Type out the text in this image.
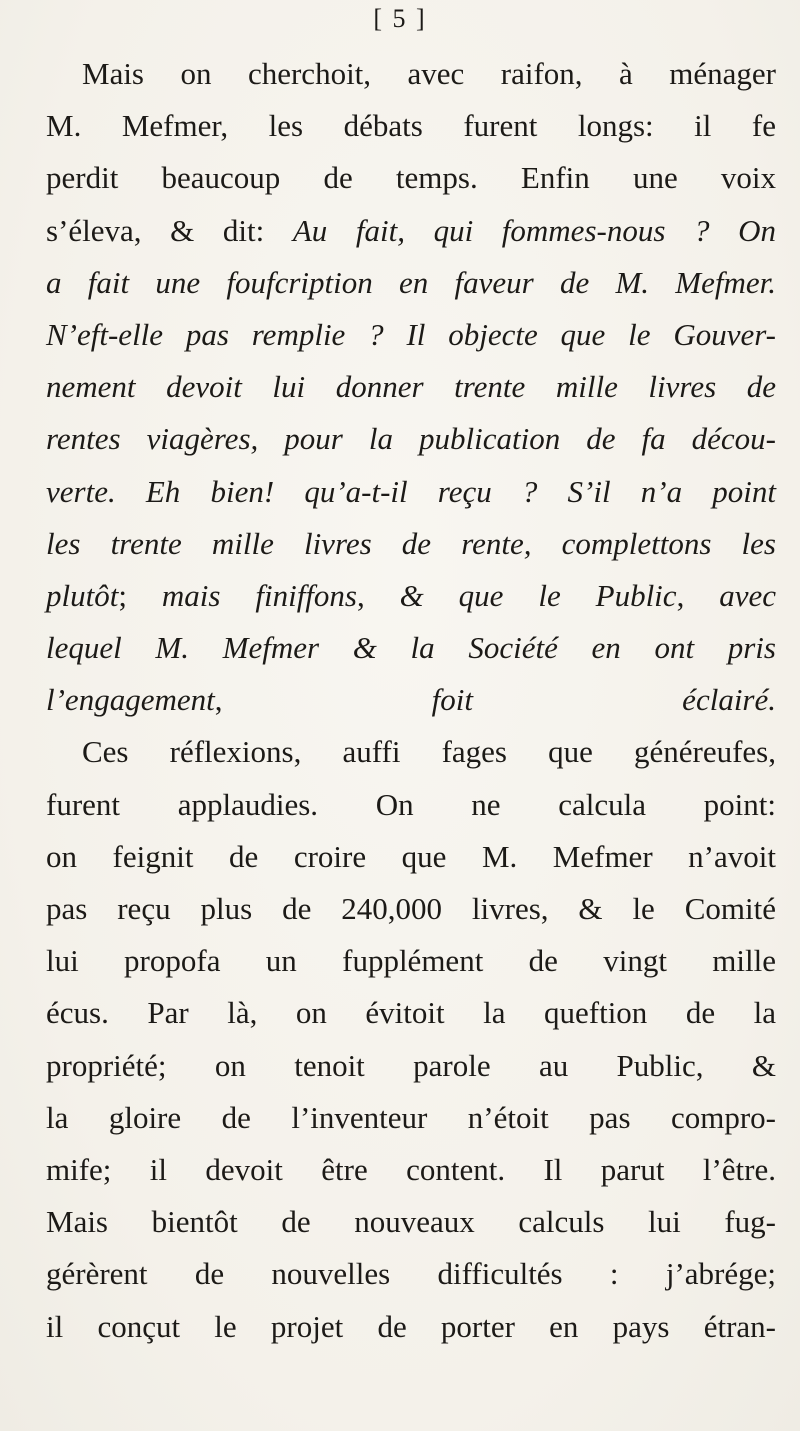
[ 5 ]
Mais on cherchoit, avec raifon, à ménager
M. Mefmer, les débats furent longs: il fe
perdit beaucoup de temps. Enfin une voix
s’éleva, & dit: Au fait, qui fommes-nous ? On
a fait une foufcription en faveur de M. Mefmer.
N’eft-elle pas remplie ? Il objecte que le Gouver-
nement devoit lui donner trente mille livres de
rentes viagères, pour la publication de fa décou-
verte. Eh bien! qu’a-t-il reçu ? S’il n’a point
les trente mille livres de rente, complettons les
plutôt; mais finiffons, & que le Public, avec
lequel M. Mefmer & la Société en ont pris
l’engagement, foit éclairé.
Ces réflexions, auffi fages que généreufes,
furent applaudies. On ne calcula point:
on feignit de croire que M. Mefmer n’avoit
pas reçu plus de 240,000 livres, & le Comité
lui propofa un fupplément de vingt mille
écus. Par là, on évitoit la queftion de la
propriété; on tenoit parole au Public, &
la gloire de l’inventeur n’étoit pas compro-
mife; il devoit être content. Il parut l’être.
Mais bientôt de nouveaux calculs lui fug-
gérèrent de nouvelles difficultés : j’abrége;
il conçut le projet de porter en pays étran-
